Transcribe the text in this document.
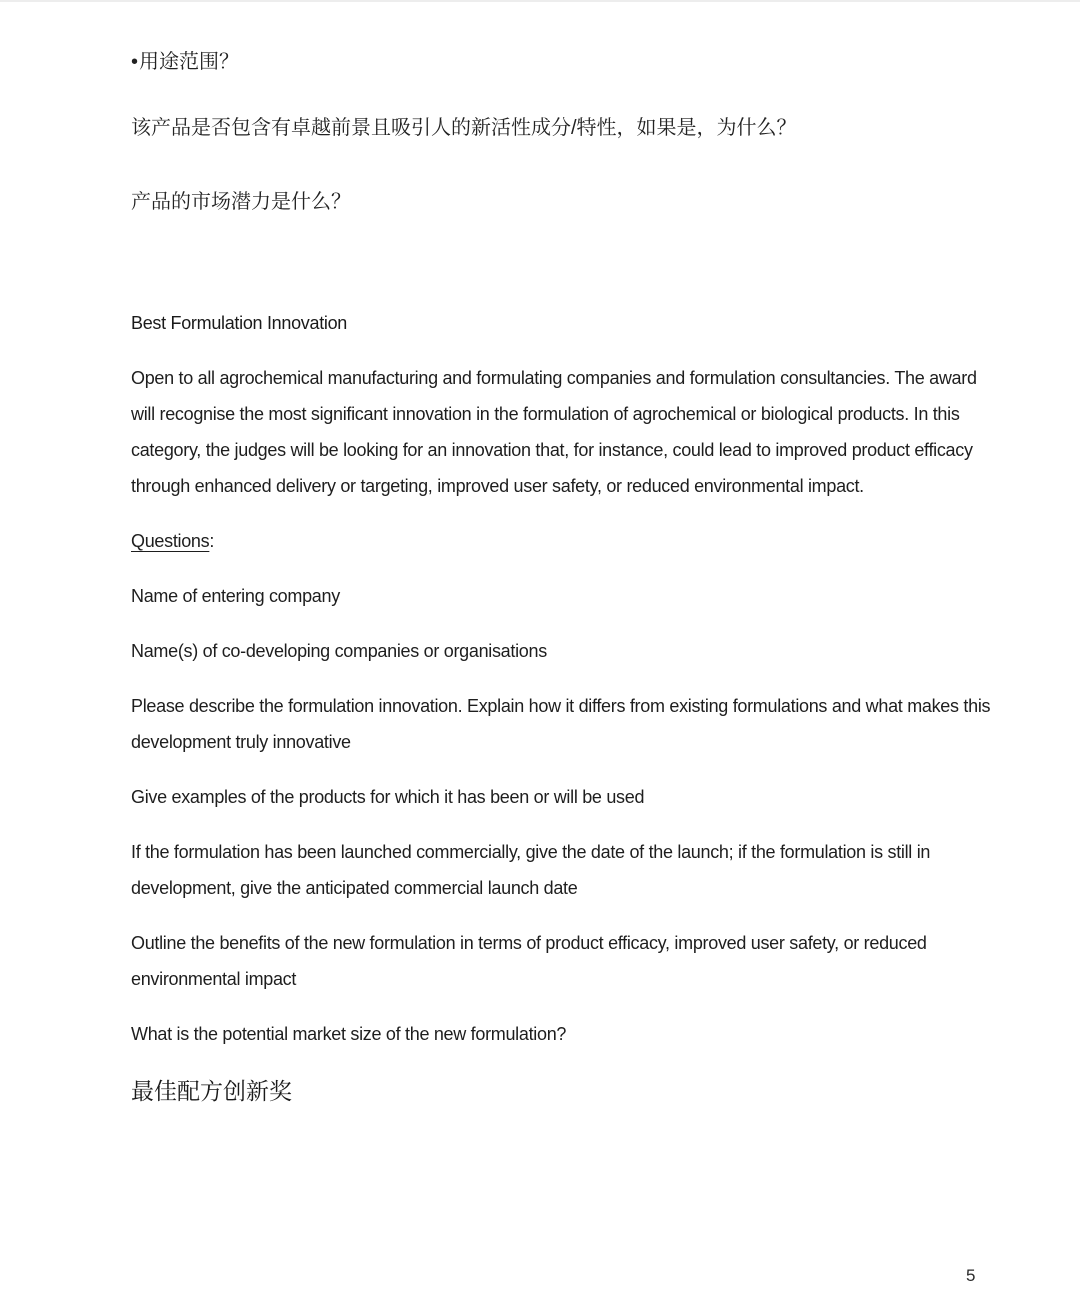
•用途范围？

该产品是否包含有卓越前景且吸引人的新活性成分/特性，如果是，为什么？

产品的市场潜力是什么？

Best Formulation Innovation

Open to all agrochemical manufacturing and formulating companies and formulation consultancies. The award will recognise the most significant innovation in the formulation of agrochemical or biological products. In this category, the judges will be looking for an innovation that, for instance, could lead to improved product efficacy through enhanced delivery or targeting, improved user safety, or reduced environmental impact.

Questions:

Name of entering company

Name(s) of co-developing companies or organisations

Please describe the formulation innovation. Explain how it differs from existing formulations and what makes this development truly innovative

Give examples of the products for which it has been or will be used

If the formulation has been launched commercially, give the date of the launch; if the formulation is still in development, give the anticipated commercial launch date

Outline the benefits of the new formulation in terms of product efficacy, improved user safety, or reduced environmental impact

What is the potential market size of the new formulation?

最佳配方创新奖
5
